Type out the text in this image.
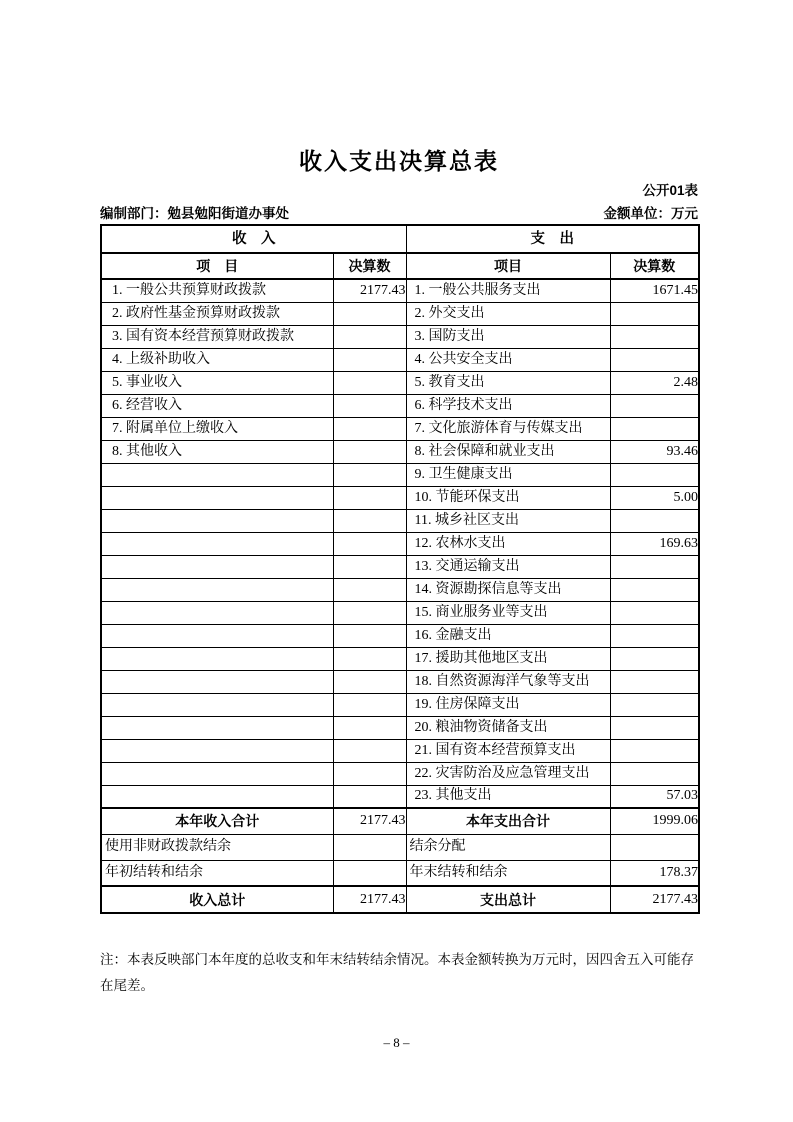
收入支出决算总表
公开01表
编制部门：勉县勉阳街道办事处	金额单位：万元
收　入		支　出	
项　目	决算数	项目	决算数
1. 一般公共预算财政拨款	2177.43	1. 一般公共服务支出	1671.45
2. 政府性基金预算财政拨款		2. 外交支出	
3. 国有资本经营预算财政拨款		3. 国防支出	
4. 上级补助收入		4. 公共安全支出	
5. 事业收入		5. 教育支出	2.48
6. 经营收入		6. 科学技术支出	
7. 附属单位上缴收入		7. 文化旅游体育与传媒支出	
8. 其他收入		8. 社会保障和就业支出	93.46
		9. 卫生健康支出	
		10. 节能环保支出	5.00
		11. 城乡社区支出	
		12. 农林水支出	169.63
		13. 交通运输支出	
		14. 资源勘探信息等支出	
		15. 商业服务业等支出	
		16. 金融支出	
		17. 援助其他地区支出	
		18. 自然资源海洋气象等支出	
		19. 住房保障支出	
		20. 粮油物资储备支出	
		21. 国有资本经营预算支出	
		22. 灾害防治及应急管理支出	
		23. 其他支出	57.03
本年收入合计	2177.43	本年支出合计	1999.06
使用非财政拨款结余		结余分配	
年初结转和结余		年末结转和结余	178.37
收入总计	2177.43	支出总计	2177.43
注：本表反映部门本年度的总收支和年末结转结余情况。本表金额转换为万元时，因四舍五入可能存在尾差。
– 8 –
